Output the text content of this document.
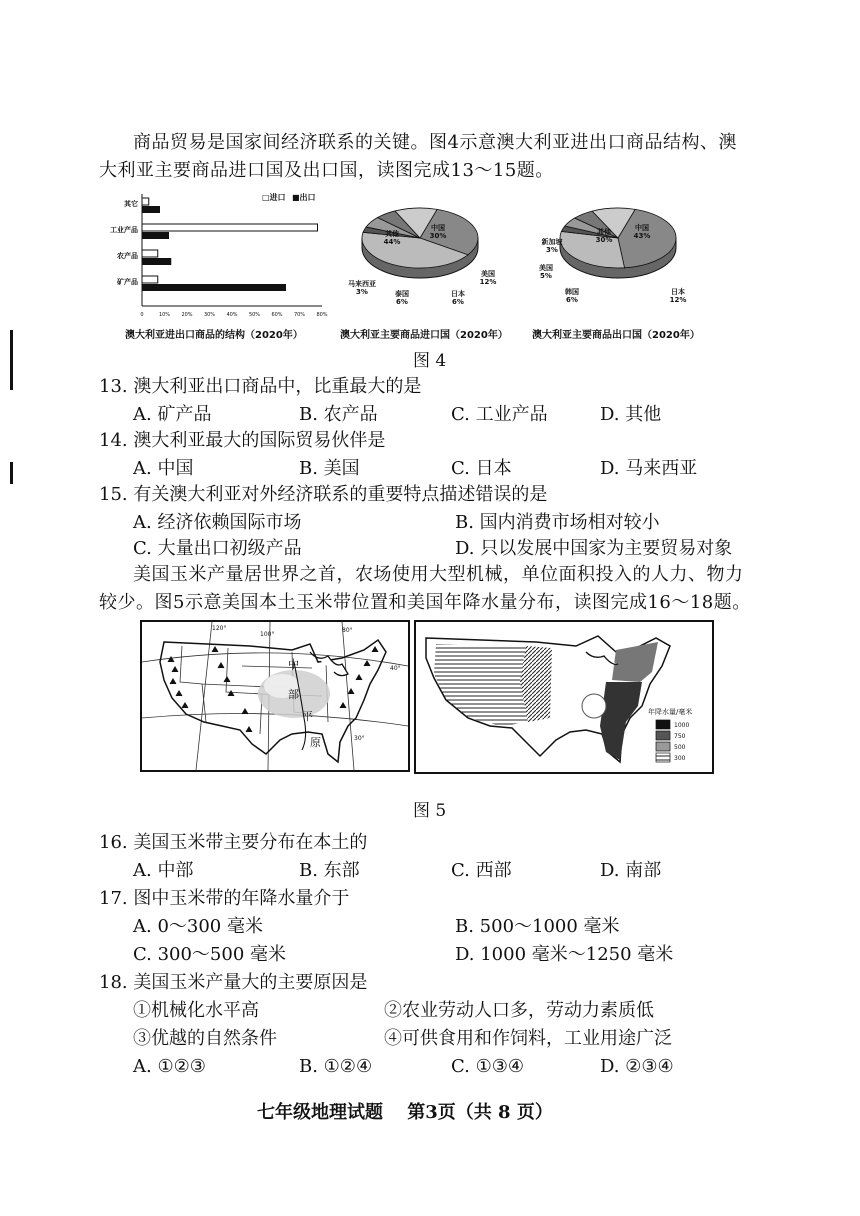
商品贸易是国家间经济联系的关键。图4示意澳大利亚进出口商品结构、澳
大利亚主要商品进口国及出口国，读图完成13～15题。
其它
工业产品
农产品
矿产品
0	10% 20% 30% 40% 50% 60% 70% 80%
□进口 ■出口
澳大利亚进出口商品的结构（2020年）
中国
30%
其他
44%
马来西亚
3%	泰国
6%
日本
6%
美国
12%
澳大利亚主要商品进口国（2020年）
中国
43%
其他
30%
新加坡
3%
美国
5%
韩国
6%
日本
12%
澳大利亚主要商品出口国（2020年）
图 4
13. 澳大利亚出口商品中，比重最大的是
A. 矿产品	B. 农产品	C. 工业产品	D. 其他
14. 澳大利亚最大的国际贸易伙伴是
A. 中国	B. 美国	C. 日本	D. 马来西亚
15. 有关澳大利亚对外经济联系的重要特点描述错误的是
A. 经济依赖国际市场	B. 国内消费市场相对较小
C. 大量出口初级产品	D. 只以发展中国家为主要贸易对象
美国玉米产量居世界之首，农场使用大型机械，单位面积投入的人力、物力
较少。图5示意美国本土玉米带位置和美国年降水量分布，读图完成16～18题。
中
部
平
原
120°
100°
80°
40°
30°
年降水量/毫米
1000
750
500
300
图 5
16. 美国玉米带主要分布在本土的
A. 中部	B. 东部	C. 西部	D. 南部
17. 图中玉米带的年降水量介于
A. 0～300 毫米	B. 500～1000 毫米
C. 300～500 毫米	D. 1000 毫米～1250 毫米
18. 美国玉米产量大的主要原因是
①机械化水平高	②农业劳动人口多，劳动力素质低
③优越的自然条件	④可供食用和作饲料，工业用途广泛
A. ①②③	B. ①②④	C. ①③④	D. ②③④
七年级地理试题　 第3页（共 8 页）
